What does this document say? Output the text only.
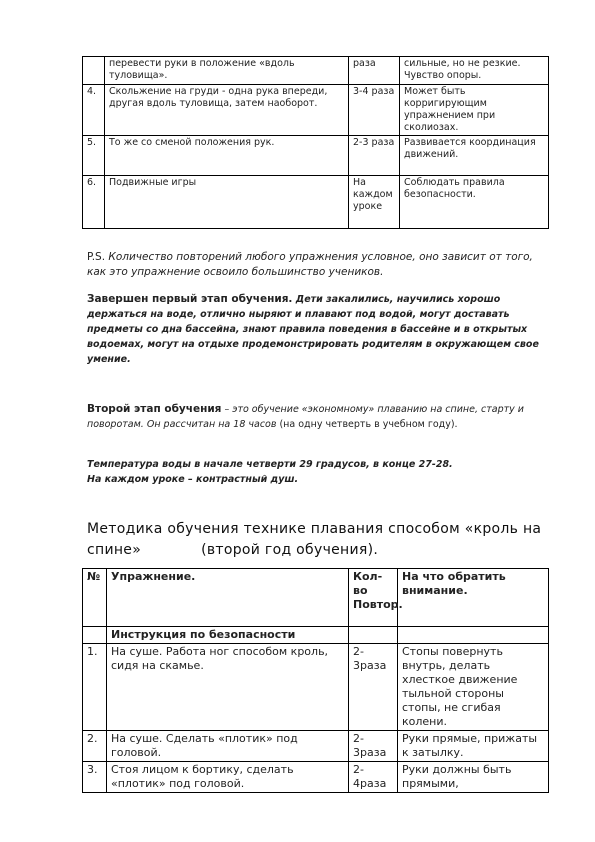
	перевести руки в положение «вдоль туловища».	раза	сильные, но не резкие. Чувство опоры.
4.	Скольжение на груди - одна рука впереди, другая вдоль туловища, затем наоборот.	3-4 раза	Может быть корригирующим упражнением при сколиозах.
5.	То же со сменой положения рук.	2-3 раза	Развивается координация движений.
6.	Подвижные игры	На каждом уроке	Соблюдать правила безопасности.
P.S. Количество повторений любого упражнения условное, оно зависит от того, как это упражнение освоило большинство учеников.
Завершен первый этап обучения. Дети закалились, научились хорошо держаться на воде, отлично ныряют и плавают под водой, могут доставать предметы со дна бассейна, знают правила поведения в бассейне и в открытых водоемах, могут на отдыхе продемонстрировать родителям в окружающем свое умение.
Второй этап обучения – это обучение «экономному» плаванию на спине, старту и поворотам. Он рассчитан на 18 часов (на одну четверть в учебном году).
Температура воды в начале четверти 29 градусов, в конце 27-28.
На каждом уроке – контрастный душ.
Методика обучения технике плавания способом «кроль на спине»	(второй год обучения).
№	Упражнение.	Кол-во Повтор.	На что обратить внимание.
	Инструкция по безопасности		
1.	На суше. Работа ног способом кроль, сидя на скамье.	2-3раза	Стопы повернуть внутрь, делать хлесткое движение тыльной стороны стопы, не сгибая колени.
2.	На суше. Сделать «плотик» под головой.	2-3раза	Руки прямые, прижаты к затылку.
3.	Стоя лицом к бортику, сделать «плотик» под головой.	2-4раза	Руки должны быть прямыми,
